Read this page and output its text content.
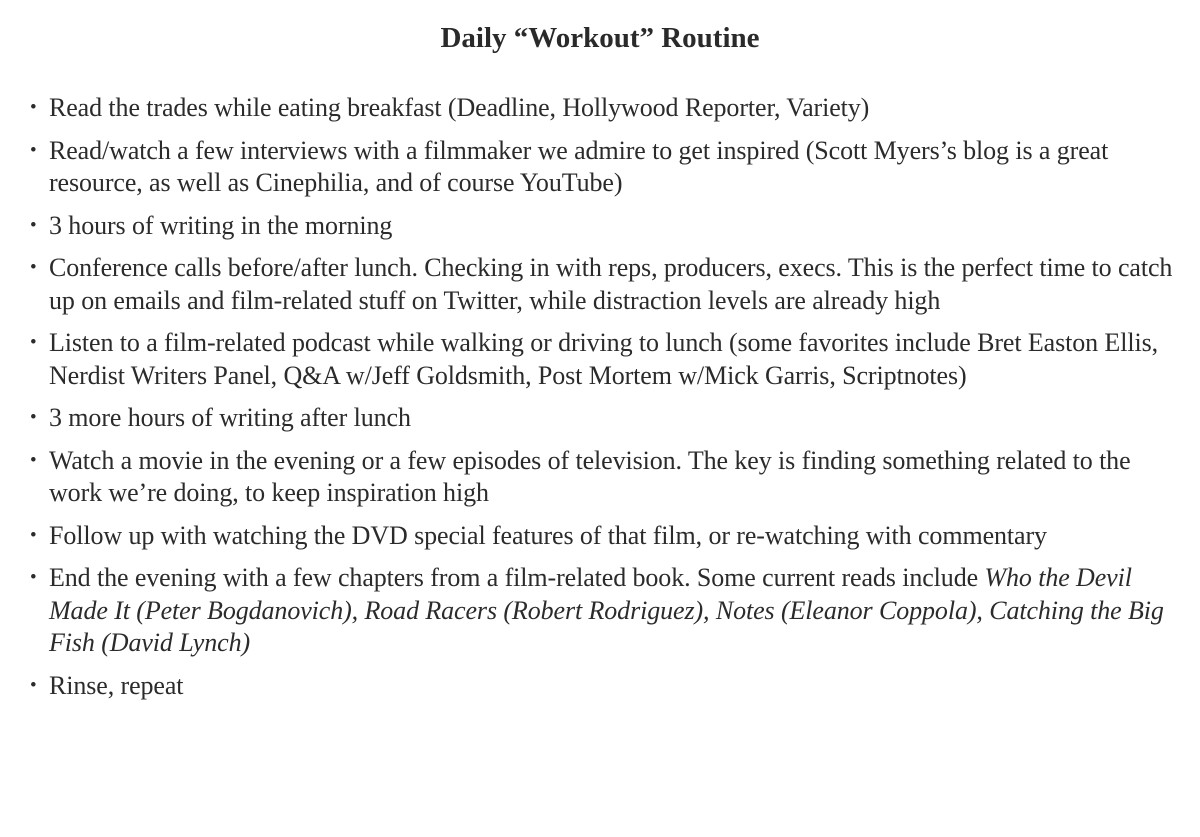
Daily “Workout” Routine
• Read the trades while eating breakfast (Deadline, Hollywood Reporter, Variety)
• Read/watch a few interviews with a filmmaker we admire to get inspired (Scott Myers’s blog is a great resource, as well as Cinephilia, and of course YouTube)
• 3 hours of writing in the morning
• Conference calls before/after lunch. Checking in with reps, producers, execs. This is the perfect time to catch up on emails and film-related stuff on Twitter, while distraction levels are already high
• Listen to a film-related podcast while walking or driving to lunch (some favorites include Bret Easton Ellis, Nerdist Writers Panel, Q&A w/Jeff Goldsmith, Post Mortem w/Mick Garris, Scriptnotes)
• 3 more hours of writing after lunch
• Watch a movie in the evening or a few episodes of television. The key is finding something related to the work we’re doing, to keep inspiration high
• Follow up with watching the DVD special features of that film, or re-watching with commentary
• End the evening with a few chapters from a film-related book. Some current reads include Who the Devil Made It (Peter Bogdanovich), Road Racers (Robert Rodriguez), Notes (Eleanor Coppola), Catching the Big Fish (David Lynch)
• Rinse, repeat
